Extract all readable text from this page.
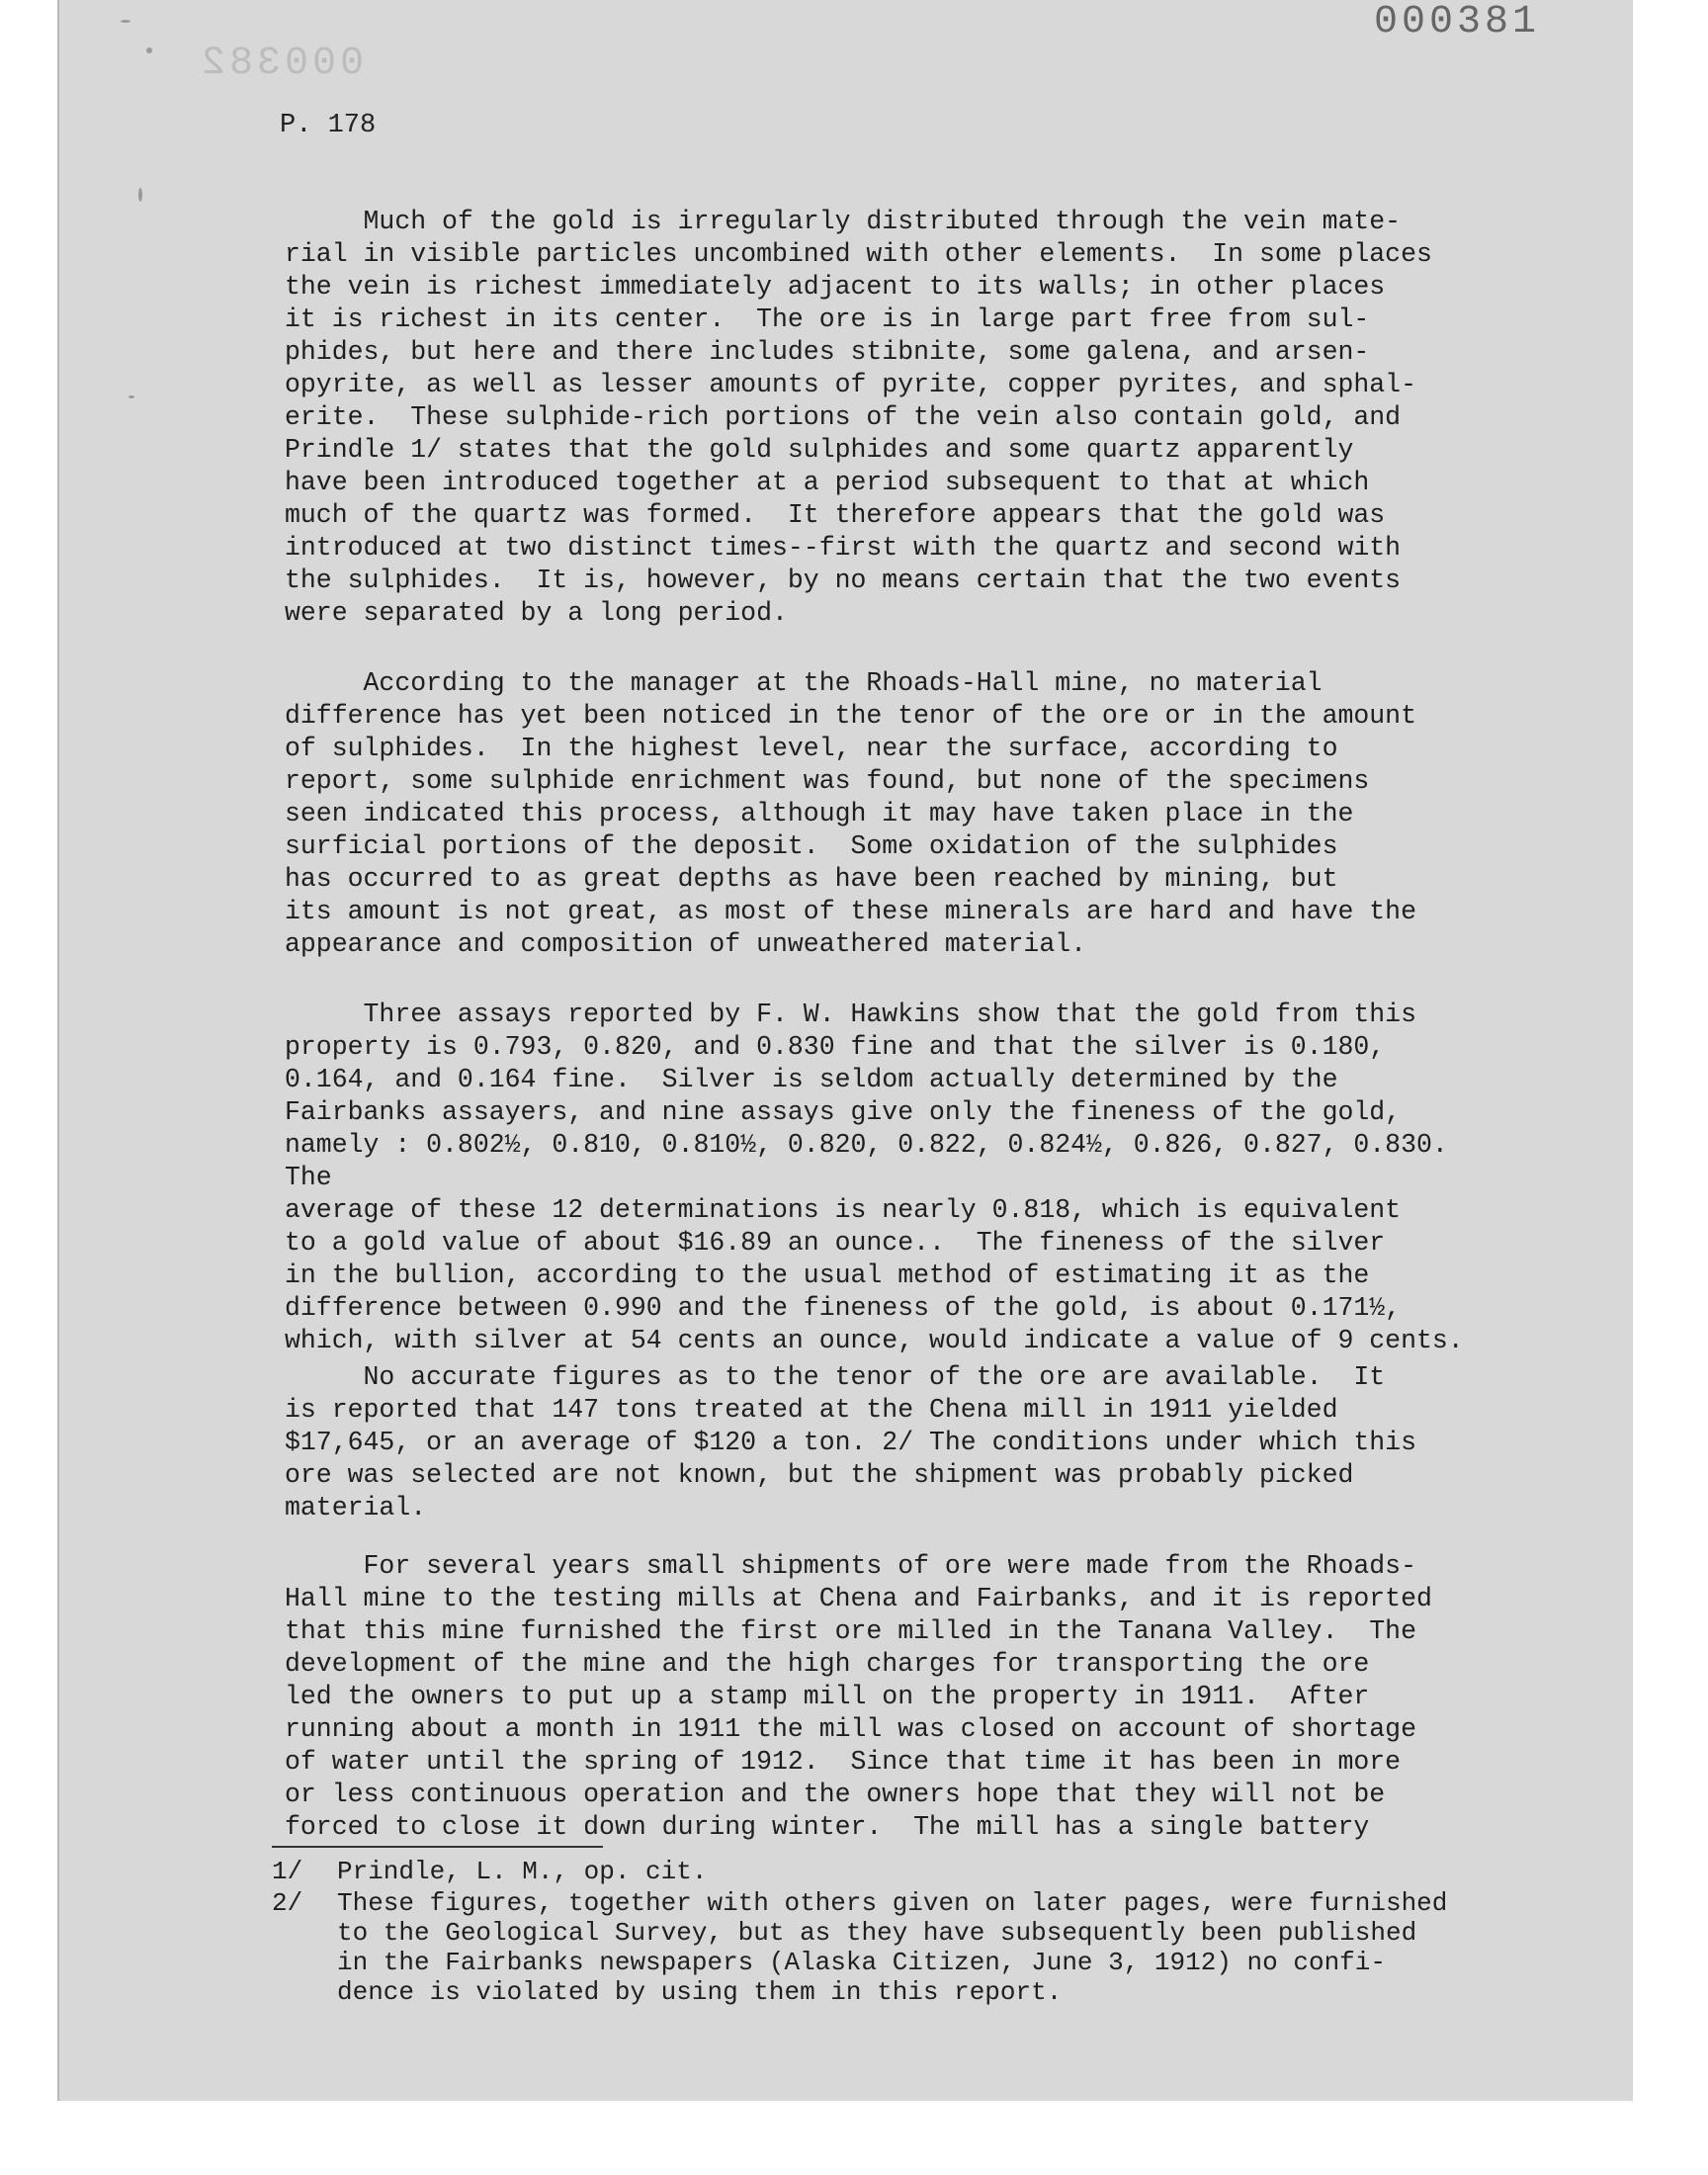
000381
000382
P. 178

Much of the gold is irregularly distributed through the vein mate-
rial in visible particles uncombined with other elements.  In some places
the vein is richest immediately adjacent to its walls; in other places
it is richest in its center.  The ore is in large part free from sul-
phides, but here and there includes stibnite, some galena, and arsen-
opyrite, as well as lesser amounts of pyrite, copper pyrites, and sphal-
erite.  These sulphide-rich portions of the vein also contain gold, and
Prindle 1/ states that the gold sulphides and some quartz apparently
have been introduced together at a period subsequent to that at which
much of the quartz was formed.  It therefore appears that the gold was
introduced at two distinct times--first with the quartz and second with
the sulphides.  It is, however, by no means certain that the two events
were separated by a long period.

According to the manager at the Rhoads-Hall mine, no material
difference has yet been noticed in the tenor of the ore or in the amount
of sulphides.  In the highest level, near the surface, according to
report, some sulphide enrichment was found, but none of the specimens
seen indicated this process, although it may have taken place in the
surficial portions of the deposit.  Some oxidation of the sulphides
has occurred to as great depths as have been reached by mining, but
its amount is not great, as most of these minerals are hard and have the
appearance and composition of unweathered material.

Three assays reported by F. W. Hawkins show that the gold from this
property is 0.793, 0.820, and 0.830 fine and that the silver is 0.180,
0.164, and 0.164 fine.  Silver is seldom actually determined by the
Fairbanks assayers, and nine assays give only the fineness of the gold,
namely : 0.802½, 0.810, 0.810½, 0.820, 0.822, 0.824½, 0.826, 0.827, 0.830.  The
average of these 12 determinations is nearly 0.818, which is equivalent
to a gold value of about $16.89 an ounce..  The fineness of the silver
in the bullion, according to the usual method of estimating it as the
difference between 0.990 and the fineness of the gold, is about 0.171½,
which, with silver at 54 cents an ounce, would indicate a value of 9 cents.

No accurate figures as to the tenor of the ore are available.  It
is reported that 147 tons treated at the Chena mill in 1911 yielded
$17,645, or an average of $120 a ton. 2/ The conditions under which this
ore was selected are not known, but the shipment was probably picked
material.

For several years small shipments of ore were made from the Rhoads-
Hall mine to the testing mills at Chena and Fairbanks, and it is reported
that this mine furnished the first ore milled in the Tanana Valley.  The
development of the mine and the high charges for transporting the ore
led the owners to put up a stamp mill on the property in 1911.  After
running about a month in 1911 the mill was closed on account of shortage
of water until the spring of 1912.  Since that time it has been in more
or less continuous operation and the owners hope that they will not be
forced to close it down during winter.  The mill has a single battery

1/ Prindle, L. M., op. cit.

2/ These figures, together with others given on later pages, were furnished
to the Geological Survey, but as they have subsequently been published
in the Fairbanks newspapers (Alaska Citizen, June 3, 1912) no confi-
dence is violated by using them in this report.
